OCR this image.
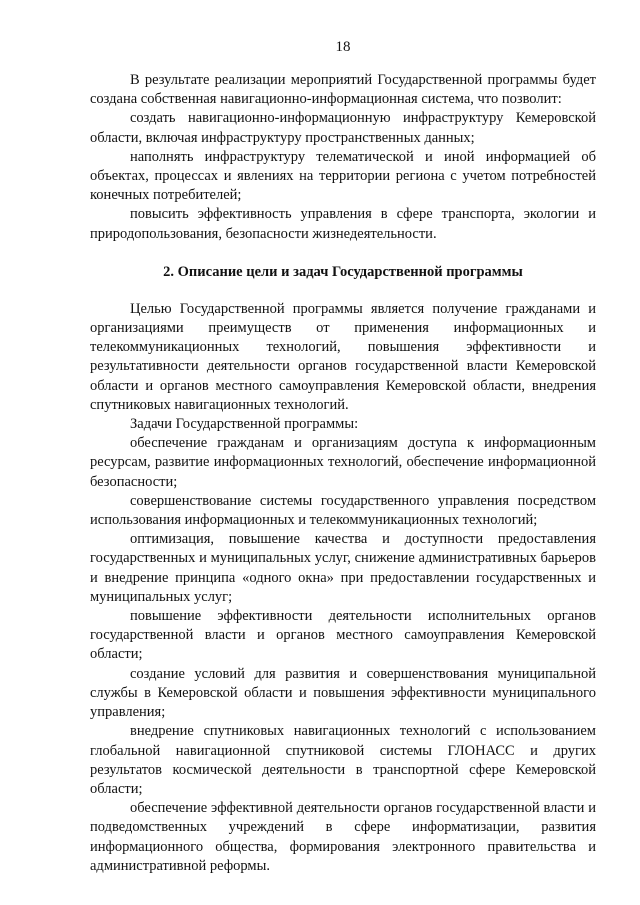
18

В результате реализации мероприятий Государственной программы будет создана собственная навигационно-информационная система, что позволит:

создать навигационно-информационную инфраструктуру Кемеровской области, включая инфраструктуру пространственных данных;

наполнять инфраструктуру телематической и иной информацией об объектах, процессах и явлениях на территории региона с учетом потребностей конечных потребителей;

повысить эффективность управления в сфере транспорта, экологии и природопользования, безопасности жизнедеятельности.

2. Описание цели и задач Государственной программы

Целью Государственной программы является получение гражданами и организациями преимуществ от применения информационных и телекоммуникационных технологий, повышения эффективности и результативности деятельности органов государственной власти Кемеровской области и органов местного самоуправления Кемеровской области, внедрения спутниковых навигационных технологий.

Задачи Государственной программы:

обеспечение гражданам и организациям доступа к информационным ресурсам, развитие информационных технологий, обеспечение информационной безопасности;

совершенствование системы государственного управления посредством использования информационных и телекоммуникационных технологий;

оптимизация, повышение качества и доступности предоставления государственных и муниципальных услуг, снижение административных барьеров и внедрение принципа «одного окна» при предоставлении государственных и муниципальных услуг;

повышение эффективности деятельности исполнительных органов государственной власти и органов местного самоуправления Кемеровской области;

создание условий для развития и совершенствования муниципальной службы в Кемеровской области и повышения эффективности муниципального управления;

внедрение спутниковых навигационных технологий с использованием глобальной навигационной спутниковой системы ГЛОНАСС и других результатов космической деятельности в транспортной сфере Кемеровской области;

обеспечение эффективной деятельности органов государственной власти и подведомственных учреждений в сфере информатизации, развития информационного общества, формирования электронного правительства и административной реформы.
